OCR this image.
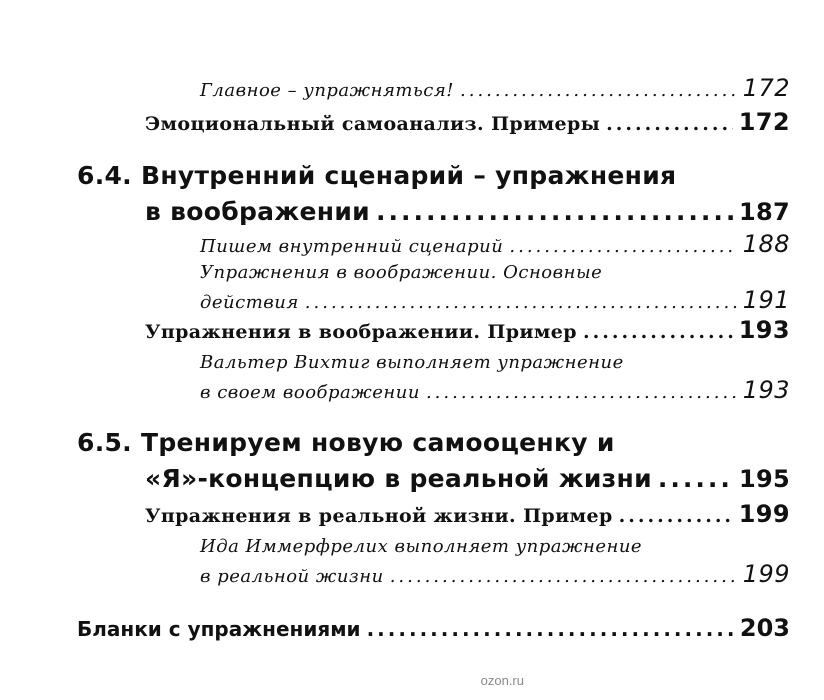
Главное – упражняться! .....	172
Эмоциональный самоанализ. Примеры .....	172
6.4. Внутренний сценарий – упражнения
в воображении .....	187
Пишем внутренний сценарий .....	188
Упражнения в воображении. Основные
действия .....	191
Упражнения в воображении. Пример .....	193
Вальтер Вихтиг выполняет упражнение
в своем воображении .....	193
6.5. Тренируем новую самооценку и
«Я»-концепцию в реальной жизни .....	195
Упражнения в реальной жизни. Пример .....	199
Ида Иммерфрелих выполняет упражнение
в реальной жизни .....	199
Бланки с упражнениями .....	203
ozon.ru
